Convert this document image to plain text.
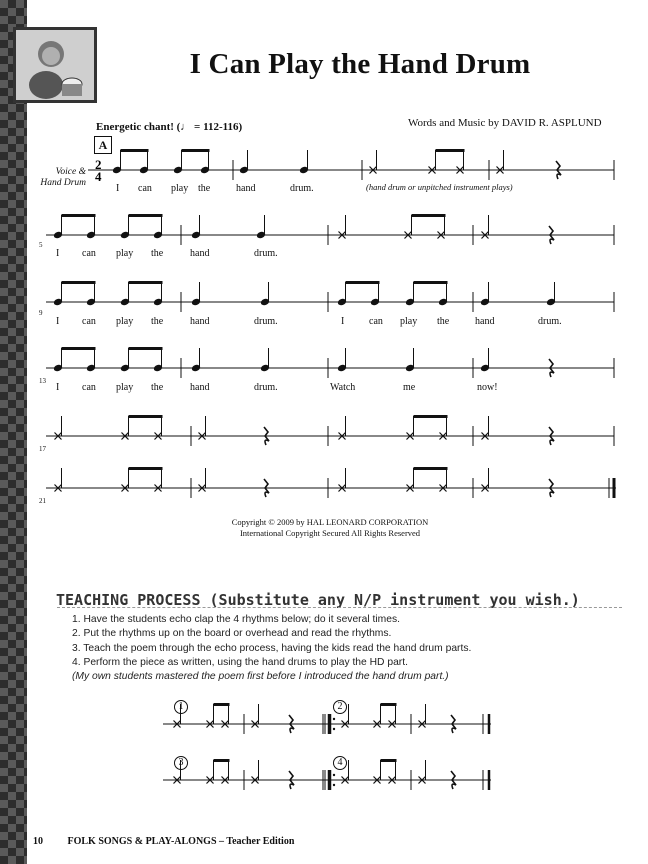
I Can Play the Hand Drum
Words and Music by DAVID R. ASPLUND
Energetic chant! (♩ = 112-116)
A
Voice & Hand Drum	(hand drum or unpitched instrument plays)
5
9
13
17
21
I can play the	hand	drum.
I can play the	hand	drum.
I can play the	hand	drum.	I can play the	hand	drum.
I can play the	hand	drum.	Watch	me	now!
2
4
Copyright © 2009 by HAL LEONARD CORPORATION
International Copyright Secured All Rights Reserved
TEACHING PROCESS (Substitute any N/P instrument you wish.)
1. Have the students echo clap the 4 rhythms below; do it several times.
2. Put the rhythms up on the board or overhead and read the rhythms.
3. Teach the poem through the echo process, having the kids read the hand drum parts.
4. Perform the piece as written, using the hand drums to play the HD part.
(My own students mastered the poem first before I introduced the hand drum part.)
1	2
3	4
10 FOLK SONGS & PLAY-ALONGS – Teacher Edition
